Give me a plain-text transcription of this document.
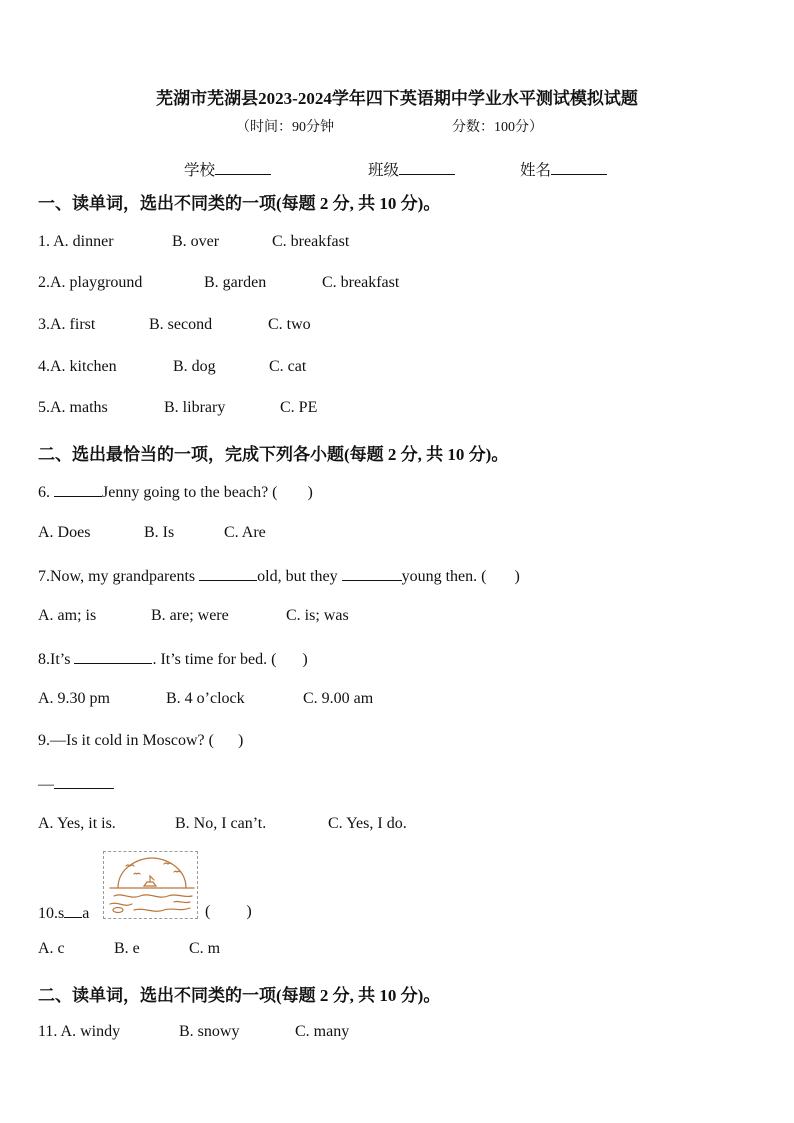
芜湖市芜湖县2023-2024学年四下英语期中学业水平测试模拟试题
（时间：90分钟	分数：100分）
学校	班级	姓名
一、读单词，选出不同类的一项(每题 2 分, 共 10 分)。
1. A. dinner	B. over	C. breakfast
2.A. playground	B. garden	C. breakfast
3.A. first	B. second	C. two
4.A. kitchen	B. dog	C. cat
5.A. maths	B. library	C. PE
二、选出最恰当的一项，完成下列各小题(每题 2 分, 共 10 分)。
6.	Jenny going to the beach? ( )
A. Does	B. Is	C. Are
7.Now, my grandparents	old, but they	young then. ( )
A. am; is	B. are; were	C. is; was
8.It’s	. It’s time for bed. ( )
A. 9.30 pm	B. 4 o’clock	C. 9.00 am
9.—Is it cold in Moscow? ( )
—
A. Yes, it is.	B. No, I can’t.	C. Yes, I do.
10.s a	( )
A. c	B. e	C. m
二、读单词，选出不同类的一项(每题 2 分, 共 10 分)。
11. A. windy	B. snowy	C. many
